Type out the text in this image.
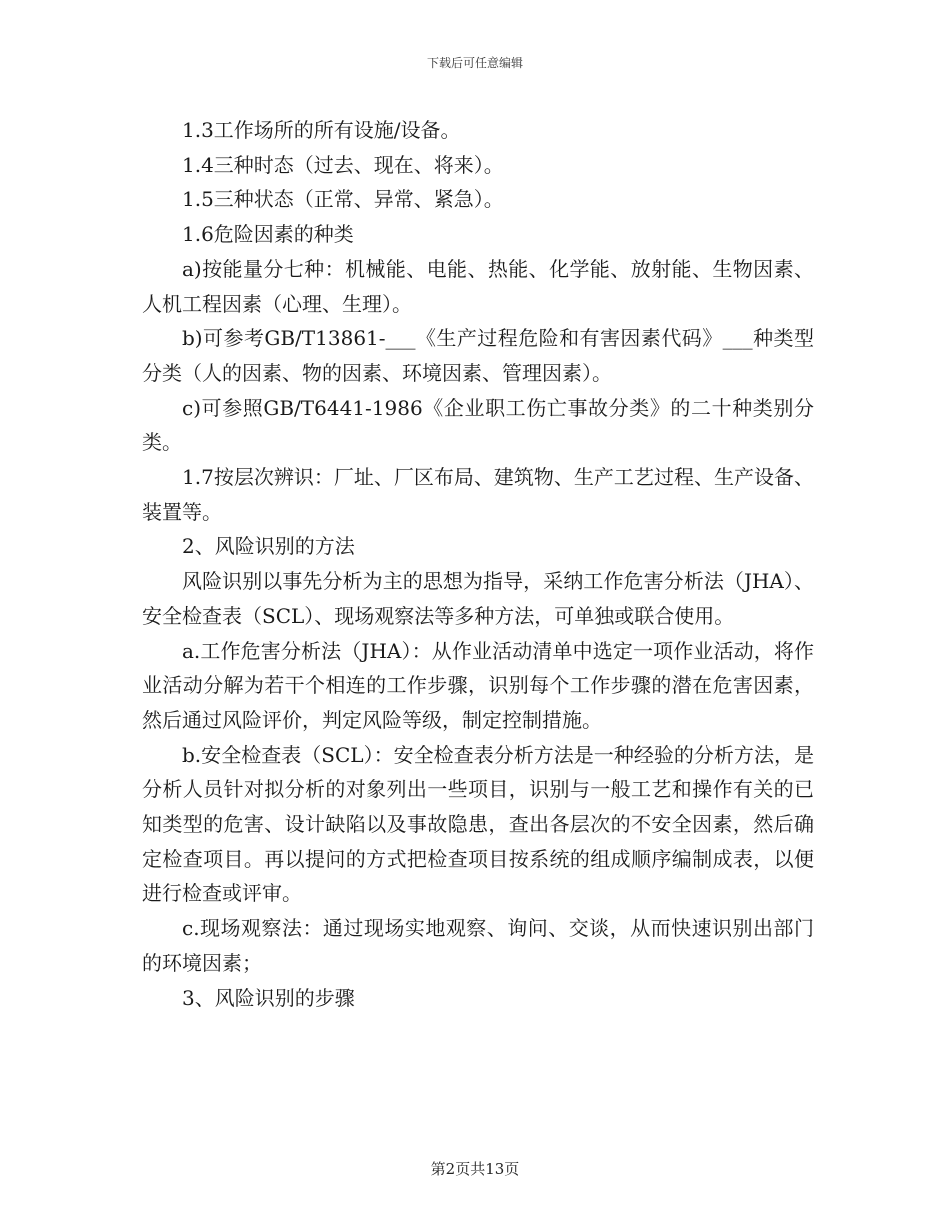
下载后可任意编辑

1.3工作场所的所有设施/设备。

1.4三种时态（过去、现在、将来）。

1.5三种状态（正常、异常、紧急）。

1.6危险因素的种类

a)按能量分七种：机械能、电能、热能、化学能、放射能、生物因素、人机工程因素（心理、生理）。

b)可参考GB/T13861-___《生产过程危险和有害因素代码》___种类型分类（人的因素、物的因素、环境因素、管理因素）。

c)可参照GB/T6441-1986《企业职工伤亡事故分类》的二十种类别分类。

1.7按层次辨识：厂址、厂区布局、建筑物、生产工艺过程、生产设备、装置等。

2、风险识别的方法

风险识别以事先分析为主的思想为指导，采纳工作危害分析法（JHA）、安全检查表（SCL）、现场观察法等多种方法，可单独或联合使用。

a.工作危害分析法（JHA）：从作业活动清单中选定一项作业活动，将作业活动分解为若干个相连的工作步骤，识别每个工作步骤的潜在危害因素，然后通过风险评价，判定风险等级，制定控制措施。

b.安全检查表（SCL）：安全检查表分析方法是一种经验的分析方法，是分析人员针对拟分析的对象列出一些项目，识别与一般工艺和操作有关的已知类型的危害、设计缺陷以及事故隐患，查出各层次的不安全因素，然后确定检查项目。再以提问的方式把检查项目按系统的组成顺序编制成表，以便进行检查或评审。

c.现场观察法：通过现场实地观察、询问、交谈，从而快速识别出部门的环境因素；

3、风险识别的步骤

第2页共13页
